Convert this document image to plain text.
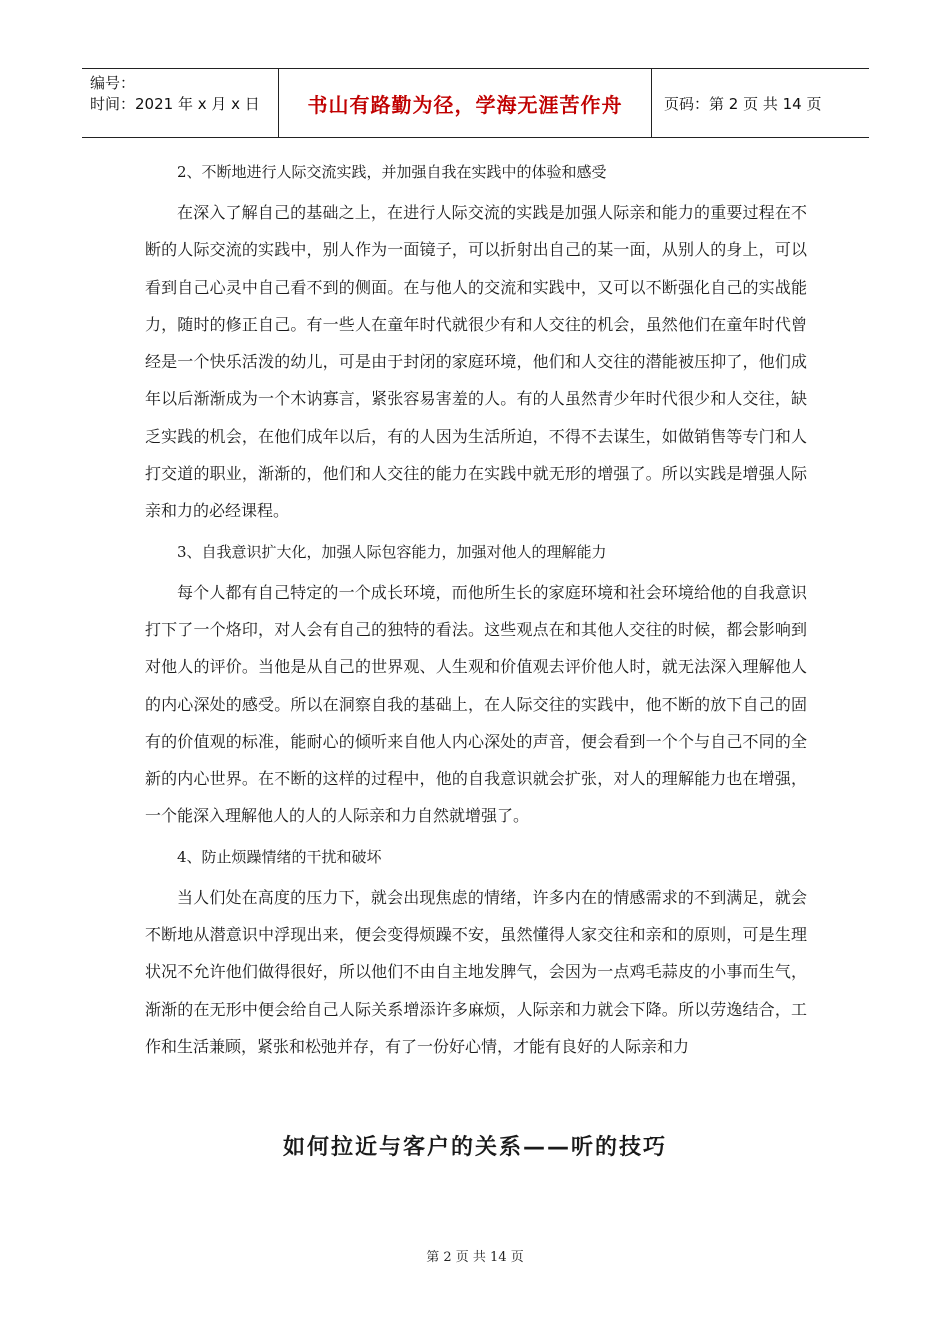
编号：
时间：2021 年 x 月 x 日	书山有路勤为径，学海无涯苦作舟	页码：第 2 页 共 14 页

2、不断地进行人际交流实践，并加强自我在实践中的体验和感受

在深入了解自己的基础之上，在进行人际交流的实践是加强人际亲和能力的重要过程在不断的人际交流的实践中，别人作为一面镜子，可以折射出自己的某一面，从别人的身上，可以看到自己心灵中自己看不到的侧面。在与他人的交流和实践中，又可以不断强化自己的实战能力，随时的修正自己。有一些人在童年时代就很少有和人交往的机会，虽然他们在童年时代曾经是一个快乐活泼的幼儿，可是由于封闭的家庭环境，他们和人交往的潜能被压抑了，他们成年以后渐渐成为一个木讷寡言，紧张容易害羞的人。有的人虽然青少年时代很少和人交往，缺乏实践的机会，在他们成年以后，有的人因为生活所迫，不得不去谋生，如做销售等专门和人打交道的职业，渐渐的，他们和人交往的能力在实践中就无形的增强了。所以实践是增强人际亲和力的必经课程。

3、自我意识扩大化，加强人际包容能力，加强对他人的理解能力

每个人都有自己特定的一个成长环境，而他所生长的家庭环境和社会环境给他的自我意识打下了一个烙印，对人会有自己的独特的看法。这些观点在和其他人交往的时候，都会影响到对他人的评价。当他是从自己的世界观、人生观和价值观去评价他人时，就无法深入理解他人的内心深处的感受。所以在洞察自我的基础上，在人际交往的实践中，他不断的放下自己的固有的价值观的标准，能耐心的倾听来自他人内心深处的声音，便会看到一个个与自己不同的全新的内心世界。在不断的这样的过程中，他的自我意识就会扩张，对人的理解能力也在增强，一个能深入理解他人的人的人际亲和力自然就增强了。

4、防止烦躁情绪的干扰和破坏

当人们处在高度的压力下，就会出现焦虑的情绪，许多内在的情感需求的不到满足，就会不断地从潜意识中浮现出来，便会变得烦躁不安，虽然懂得人家交往和亲和的原则，可是生理状况不允许他们做得很好，所以他们不由自主地发脾气，会因为一点鸡毛蒜皮的小事而生气，渐渐的在无形中便会给自己人际关系增添许多麻烦，人际亲和力就会下降。所以劳逸结合，工作和生活兼顾，紧张和松弛并存，有了一份好心情，才能有良好的人际亲和力

如何拉近与客户的关系——听的技巧
第 2 页 共 14 页
